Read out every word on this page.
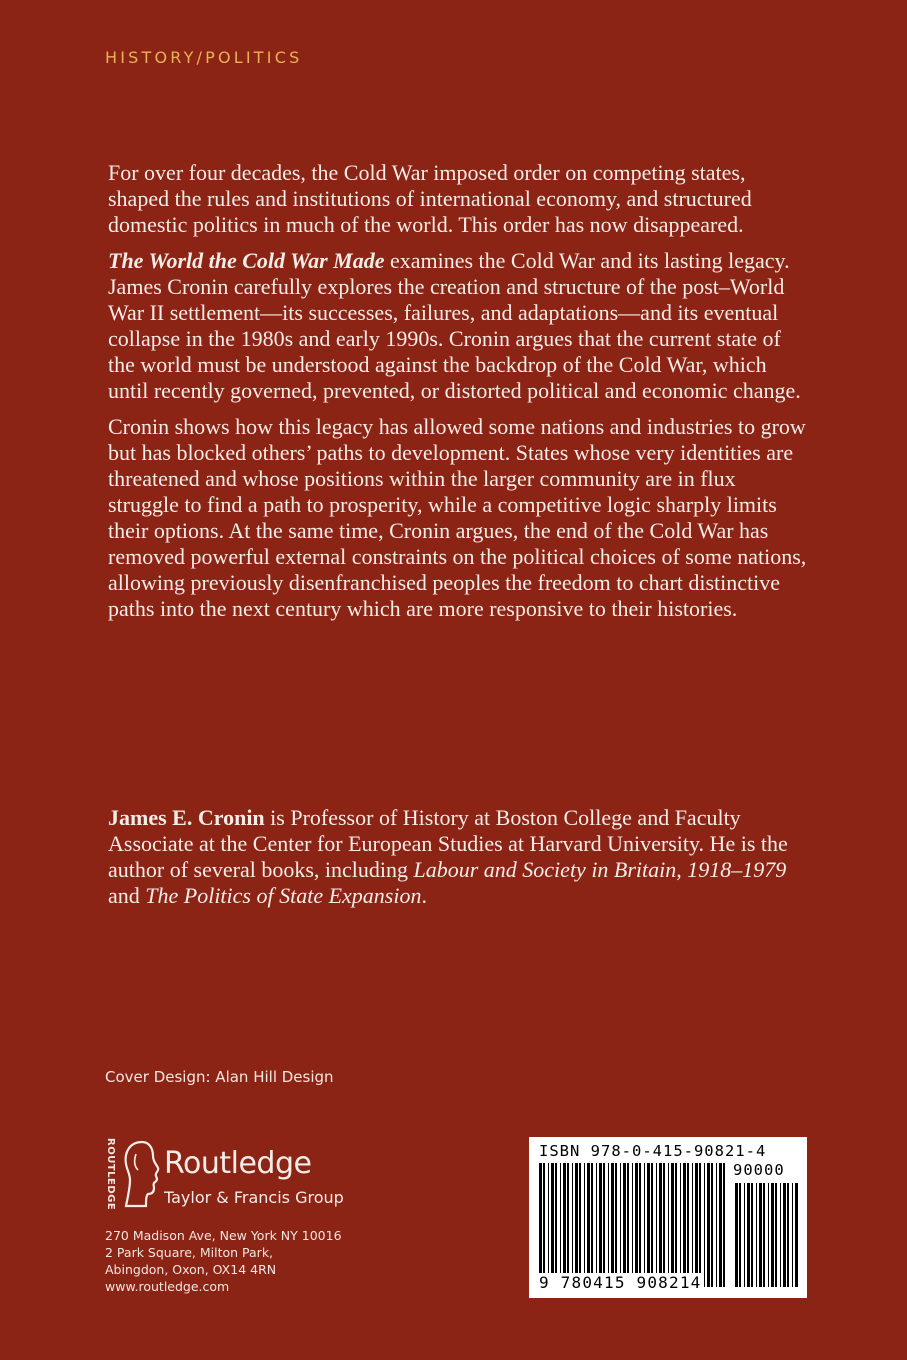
HISTORY/POLITICS

For over four decades, the Cold War imposed order on competing states, shaped the rules and institutions of international economy, and structured domestic politics in much of the world. This order has now disappeared.

The World the Cold War Made examines the Cold War and its lasting legacy. James Cronin carefully explores the creation and structure of the post–World War II settlement—its successes, failures, and adaptations—and its eventual collapse in the 1980s and early 1990s. Cronin argues that the current state of the world must be understood against the backdrop of the Cold War, which until recently governed, prevented, or distorted political and economic change.

Cronin shows how this legacy has allowed some nations and industries to grow but has blocked others’ paths to development. States whose very identities are threatened and whose positions within the larger community are in flux struggle to find a path to prosperity, while a competitive logic sharply limits their options. At the same time, Cronin argues, the end of the Cold War has removed powerful external constraints on the political choices of some nations, allowing previously disenfranchised peoples the freedom to chart distinctive paths into the next century which are more responsive to their histories.

James E. Cronin is Professor of History at Boston College and Faculty Associate at the Center for European Studies at Harvard University. He is the author of several books, including Labour and Society in Britain, 1918–1979 and The Politics of State Expansion.

Cover Design: Alan Hill Design
ROUTLEDGE Routledge
Taylor & Francis Group
270 Madison Ave, New York NY 10016
2 Park Square, Milton Park,
Abingdon, Oxon, OX14 4RN
www.routledge.com
ISBN 978-0-415-90821-4
90000
9 780415 908214
